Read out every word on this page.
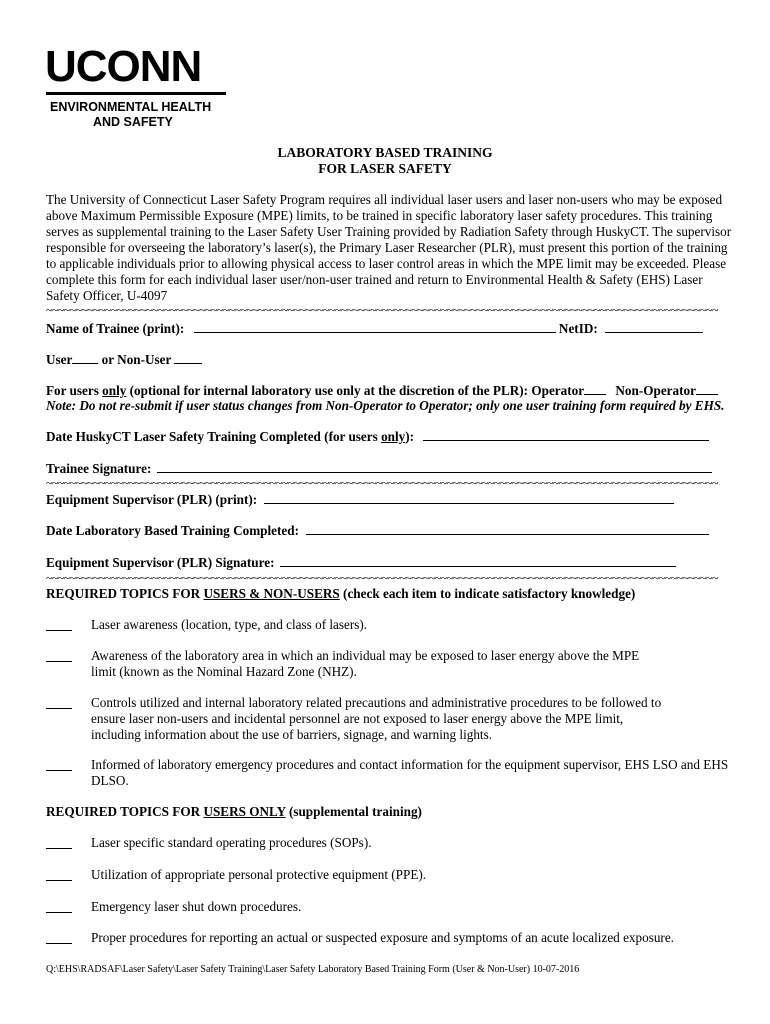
UCONN
ENVIRONMENTAL HEALTH
AND SAFETY
LABORATORY BASED TRAINING
FOR LASER SAFETY
The University of Connecticut Laser Safety Program requires all individual laser users and laser non-users who may be exposed above Maximum Permissible Exposure (MPE) limits, to be trained in specific laboratory laser safety procedures. This training serves as supplemental training to the Laser Safety User Training provided by Radiation Safety through HuskyCT. The supervisor responsible for overseeing the laboratory’s laser(s), the Primary Laser Researcher (PLR), must present this portion of the training to applicable individuals prior to allowing physical access to laser control areas in which the MPE limit may be exceeded. Please complete this form for each individual laser user/non-user trained and return to Environmental Health & Safety (EHS) Laser Safety Officer, U-4097
~~~~~~~~~~~~~~~~~~~~~~~~~~~~~~~~~~~~~~~~~~~~~~~~~~~~~~~~~~~~~~~~~~~~~~~~~~~~~~~~~~~~~~~~~~~~~~~~~~~~~~~~~~~~~~~~~~
Name of Trainee (print):	NetID:
User or Non-User
For users only (optional for internal laboratory use only at the discretion of the PLR): Operator Non-Operator
Note: Do not re-submit if user status changes from Non-Operator to Operator; only one user training form required by EHS.
Date HuskyCT Laser Safety Training Completed (for users only):
Trainee Signature:
~~~~~~~~~~~~~~~~~~~~~~~~~~~~~~~~~~~~~~~~~~~~~~~~~~~~~~~~~~~~~~~~~~~~~~~~~~~~~~~~~~~~~~~~~~~~~~~~~~~~~~~~~~~~~~~~~~
Equipment Supervisor (PLR) (print):
Date Laboratory Based Training Completed:
Equipment Supervisor (PLR) Signature:
~~~~~~~~~~~~~~~~~~~~~~~~~~~~~~~~~~~~~~~~~~~~~~~~~~~~~~~~~~~~~~~~~~~~~~~~~~~~~~~~~~~~~~~~~~~~~~~~~~~~~~~~~~~~~~~~~~
REQUIRED TOPICS FOR USERS & NON-USERS (check each item to indicate satisfactory knowledge)
Laser awareness (location, type, and class of lasers).
Awareness of the laboratory area in which an individual may be exposed to laser energy above the MPE
limit (known as the Nominal Hazard Zone (NHZ).
Controls utilized and internal laboratory related precautions and administrative procedures to be followed to
ensure laser non-users and incidental personnel are not exposed to laser energy above the MPE limit,
including information about the use of barriers, signage, and warning lights.
Informed of laboratory emergency procedures and contact information for the equipment supervisor, EHS LSO and EHS
DLSO.
REQUIRED TOPICS FOR USERS ONLY (supplemental training)
Laser specific standard operating procedures (SOPs).
Utilization of appropriate personal protective equipment (PPE).
Emergency laser shut down procedures.
Proper procedures for reporting an actual or suspected exposure and symptoms of an acute localized exposure.
Q:\EHS\RADSAF\Laser Safety\Laser Safety Training\Laser Safety Laboratory Based Training Form (User & Non-User) 10-07-2016
